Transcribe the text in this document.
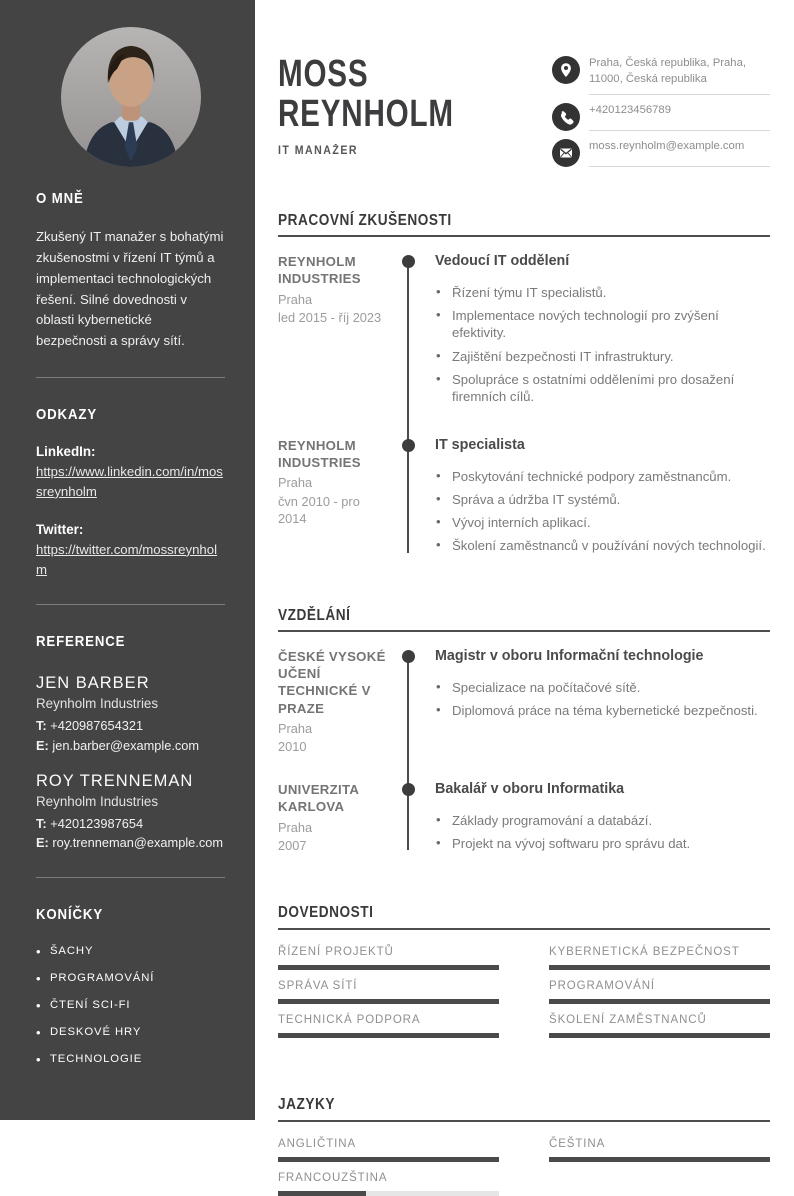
O MNĚ

Zkušený IT manažer s bohatými zkušenostmi v řízení IT týmů a implementaci technologických řešení. Silné dovednosti v oblasti kybernetické bezpečnosti a správy sítí.

ODKAZY
LinkedIn:
https://www.linkedin.com/in/mossreynholm
Twitter:
https://twitter.com/mossreynholm
REFERENCE
JEN BARBER
Reynholm Industries
T: +420987654321
E: jen.barber@example.com
ROY TRENNEMAN
Reynholm Industries
T: +420123987654
E: roy.trenneman@example.com
KONÍČKY
• ŠACHY
• PROGRAMOVÁNÍ
• ČTENÍ SCI-FI
• DESKOVÉ HRY
• TECHNOLOGIE
MOSS
REYNHOLM
IT MANAŽER
Praha, Česká republika, Praha, 11000, Česká republika
+420123456789
moss.reynholm@example.com
PRACOVNÍ ZKUŠENOSTI
REYNHOLM INDUSTRIES
Praha
led 2015 - říj 2023
Vedoucí IT oddělení
• Řízení týmu IT specialistů.
• Implementace nových technologií pro zvýšení efektivity.
• Zajištění bezpečnosti IT infrastruktury.
• Spolupráce s ostatními odděleními pro dosažení firemních cílů.
REYNHOLM INDUSTRIES
Praha
čvn 2010 - pro 2014
IT specialista
• Poskytování technické podpory zaměstnancům.
• Správa a údržba IT systémů.
• Vývoj interních aplikací.
• Školení zaměstnanců v používání nových technologií.
VZDĚLÁNÍ
ČESKÉ VYSOKÉ UČENÍ TECHNICKÉ V PRAZE
Praha
2010
Magistr v oboru Informační technologie
• Specializace na počítačové sítě.
• Diplomová práce na téma kybernetické bezpečnosti.
UNIVERZITA KARLOVA
Praha
2007
Bakalář v oboru Informatika
• Základy programování a databází.
• Projekt na vývoj softwaru pro správu dat.
DOVEDNOSTI
ŘÍZENÍ PROJEKTŮ	KYBERNETICKÁ BEZPEČNOST
SPRÁVA SÍTÍ	PROGRAMOVÁNÍ
TECHNICKÁ PODPORA	ŠKOLENÍ ZAMĚSTNANCŮ
JAZYKY
ANGLIČTINA	ČEŠTINA
FRANCOUZŠTINA
